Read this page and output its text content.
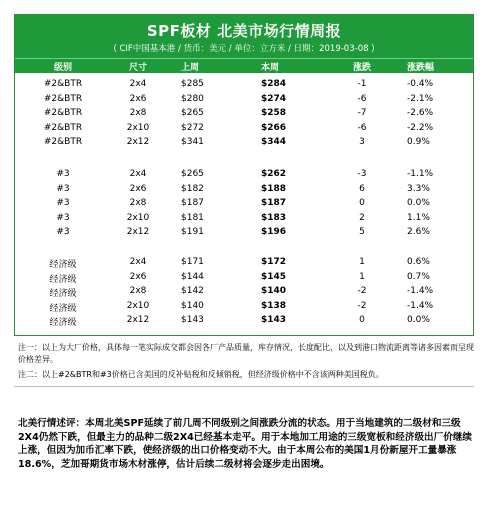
SPF板材 北美市场行情周报
( CIF中国基本港 / 货币：美元 / 单位：立方米 / 日期：2019-03-08 )
级别	尺寸	上周	本周	涨跌	涨跌幅
#2&BTR	2x4	$285	$284	-1	-0.4%
#2&BTR	2x6	$280	$274	-6	-2.1%
#2&BTR	2x8	$265	$258	-7	-2.6%
#2&BTR	2x10	$272	$266	-6	-2.2%
#2&BTR	2x12	$341	$344	3	0.9%
#3	2x4	$265	$262	-3	-1.1%
#3	2x6	$182	$188	6	3.3%
#3	2x8	$187	$187	0	0.0%
#3	2x10	$181	$183	2	1.1%
#3	2x12	$191	$196	5	2.6%
经济级	2x4	$171	$172	1	0.6%
经济级	2x6	$144	$145	1	0.7%
经济级	2x8	$142	$140	-2	-1.4%
经济级	2x10	$140	$138	-2	-1.4%
经济级	2x12	$143	$143	0	0.0%
注一：以上为大厂价格，具体每一笔实际成交都会因各厂产品质量，库存情况，长度配比，以及到港口物流距离等诸多因素而呈现价格差异。
注二：以上#2&BTR和#3价格已含美国的反补贴税和反倾销税，但经济级价格中不含该两种美国税负。
北美行情述评：本周北美SPF延续了前几周不同级别之间涨跌分流的状态。用于当地建筑的二级材和三级2X4仍然下跌，但最主力的品种二级2X4已经基本走平。用于本地加工用途的三级宽板和经济级出厂价继续上涨，但因为加币汇率下跌，使经济级的出口价格变动不大。由于本周公布的美国1月份新屋开工量暴涨18.6%，芝加哥期货市场木材涨停，估计后续二级材将会逐步走出困境。
